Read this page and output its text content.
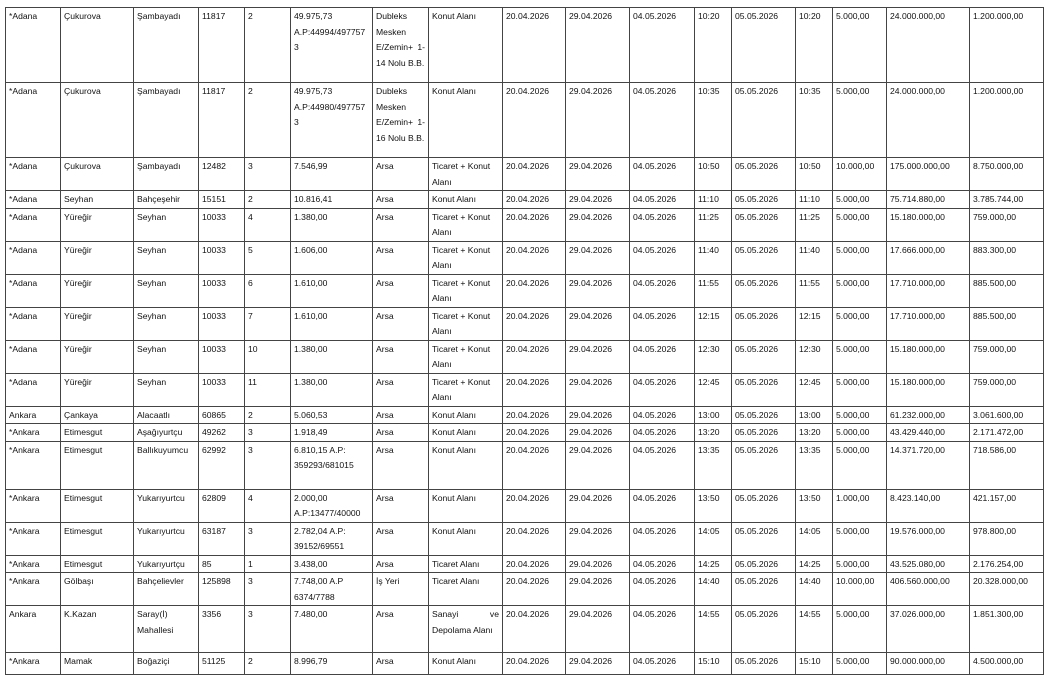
*Adana	Çukurova	Şambayadı	11817	2	49.975,73 A.P:44994/4977573	Dubleks Mesken E/Zemin+ 1-14 Nolu B.B.	Konut Alanı	20.04.2026	29.04.2026	04.05.2026	10:20	05.05.2026	10:20	5.000,00	24.000.000,00	1.200.000,00
*Adana	Çukurova	Şambayadı	11817	2	49.975,73 A.P:44980/4977573	Dubleks Mesken E/Zemin+ 1-16 Nolu B.B.	Konut Alanı	20.04.2026	29.04.2026	04.05.2026	10:35	05.05.2026	10:35	5.000,00	24.000.000,00	1.200.000,00
*Adana	Çukurova	Şambayadı	12482	3	7.546,99	Arsa	Ticaret + Konut Alanı	20.04.2026	29.04.2026	04.05.2026	10:50	05.05.2026	10:50	10.000,00	175.000.000,00	8.750.000,00
*Adana	Seyhan	Bahçeşehir	15151	2	10.816,41	Arsa	Konut Alanı	20.04.2026	29.04.2026	04.05.2026	11:10	05.05.2026	11:10	5.000,00	75.714.880,00	3.785.744,00
*Adana	Yüreğir	Seyhan	10033	4	1.380,00	Arsa	Ticaret + Konut Alanı	20.04.2026	29.04.2026	04.05.2026	11:25	05.05.2026	11:25	5.000,00	15.180.000,00	759.000,00
*Adana	Yüreğir	Seyhan	10033	5	1.606,00	Arsa	Ticaret + Konut Alanı	20.04.2026	29.04.2026	04.05.2026	11:40	05.05.2026	11:40	5.000,00	17.666.000,00	883.300,00
*Adana	Yüreğir	Seyhan	10033	6	1.610,00	Arsa	Ticaret + Konut Alanı	20.04.2026	29.04.2026	04.05.2026	11:55	05.05.2026	11:55	5.000,00	17.710.000,00	885.500,00
*Adana	Yüreğir	Seyhan	10033	7	1.610,00	Arsa	Ticaret + Konut Alanı	20.04.2026	29.04.2026	04.05.2026	12:15	05.05.2026	12:15	5.000,00	17.710.000,00	885.500,00
*Adana	Yüreğir	Seyhan	10033	10	1.380,00	Arsa	Ticaret + Konut Alanı	20.04.2026	29.04.2026	04.05.2026	12:30	05.05.2026	12:30	5.000,00	15.180.000,00	759.000,00
*Adana	Yüreğir	Seyhan	10033	11	1.380,00	Arsa	Ticaret + Konut Alanı	20.04.2026	29.04.2026	04.05.2026	12:45	05.05.2026	12:45	5.000,00	15.180.000,00	759.000,00
Ankara	Çankaya	Alacaatlı	60865	2	5.060,53	Arsa	Konut Alanı	20.04.2026	29.04.2026	04.05.2026	13:00	05.05.2026	13:00	5.000,00	61.232.000,00	3.061.600,00
*Ankara	Etimesgut	Aşağıyurtçu	49262	3	1.918,49	Arsa	Konut Alanı	20.04.2026	29.04.2026	04.05.2026	13:20	05.05.2026	13:20	5.000,00	43.429.440,00	2.171.472,00
*Ankara	Etimesgut	Ballıkuyumcu	62992	3	6.810,15 A.P: 359293/681015	Arsa	Konut Alanı	20.04.2026	29.04.2026	04.05.2026	13:35	05.05.2026	13:35	5.000,00	14.371.720,00	718.586,00
*Ankara	Etimesgut	Yukarıyurtcu	62809	4	2.000,00 A.P:13477/40000	Arsa	Konut Alanı	20.04.2026	29.04.2026	04.05.2026	13:50	05.05.2026	13:50	1.000,00	8.423.140,00	421.157,00
*Ankara	Etimesgut	Yukarıyurtcu	63187	3	2.782,04 A.P: 39152/69551	Arsa	Konut Alanı	20.04.2026	29.04.2026	04.05.2026	14:05	05.05.2026	14:05	5.000,00	19.576.000,00	978.800,00
*Ankara	Etimesgut	Yukarıyurtçu	85	1	3.438,00	Arsa	Ticaret Alanı	20.04.2026	29.04.2026	04.05.2026	14:25	05.05.2026	14:25	5.000,00	43.525.080,00	2.176.254,00
*Ankara	Gölbaşı	Bahçelievler	125898	3	7.748,00 A.P 6374/7788	İş Yeri	Ticaret Alanı	20.04.2026	29.04.2026	04.05.2026	14:40	05.05.2026	14:40	10.000,00	406.560.000,00	20.328.000,00
Ankara	K.Kazan	Saray(İ) Mahallesi	3356	3	7.480,00	Arsa	Sanayi ve Depolama Alanı	20.04.2026	29.04.2026	04.05.2026	14:55	05.05.2026	14:55	5.000,00	37.026.000,00	1.851.300,00
*Ankara	Mamak	Boğaziçi	51125	2	8.996,79	Arsa	Konut Alanı	20.04.2026	29.04.2026	04.05.2026	15:10	05.05.2026	15:10	5.000,00	90.000.000,00	4.500.000,00
